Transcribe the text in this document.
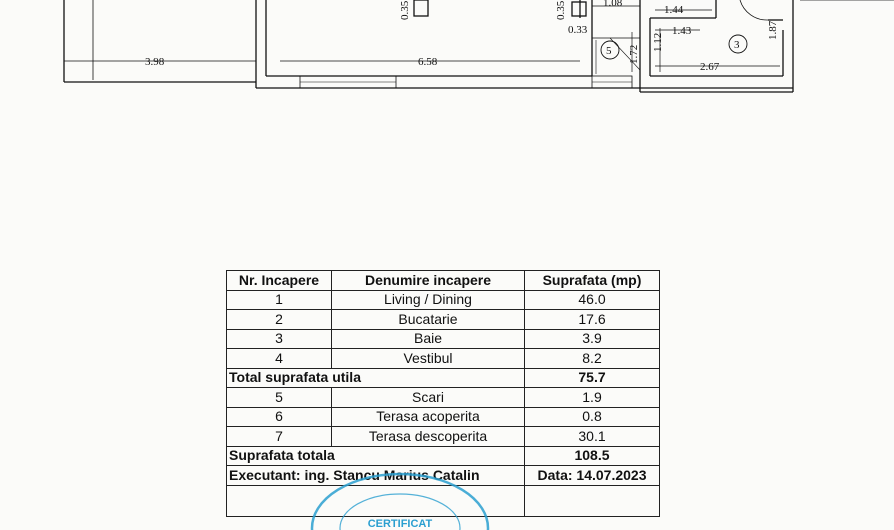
3.98	6.58
0.35	0.35	1.08
1.44
1.43
0.33
1.72
1.12
2.67
1.87
5	3
Nr. Incapere	Denumire incapere	Suprafata (mp)
1	Living / Dining	46.0
2	Bucatarie	17.6
3	Baie	3.9
4	Vestibul	8.2
Total suprafata utila		75.7
5	Scari	1.9
6	Terasa acoperita	0.8
7	Terasa descoperita	30.1
Suprafata totala		108.5
Executant: ing. Stancu Marius Catalin		Data: 14.07.2023

CERTIFICAT
